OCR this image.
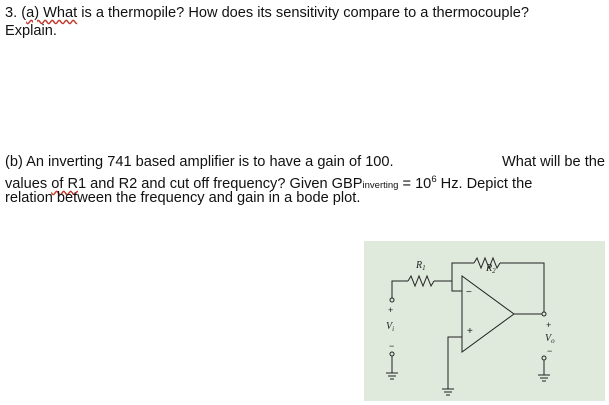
3. (a) What is a thermopile? How does its sensitivity compare to a thermocouple?
Explain.
(b) An inverting 741 based amplifier is to have a gain of 100.	What will be the
values of R1 and R2 and cut off frequency? Given GBPinverting = $10^6$ Hz. Depict the
relation between the frequency and gain in a bode plot.
$R_1$	$R_2$
−
+
+
$V_i$
−
+
$V_o$
−
